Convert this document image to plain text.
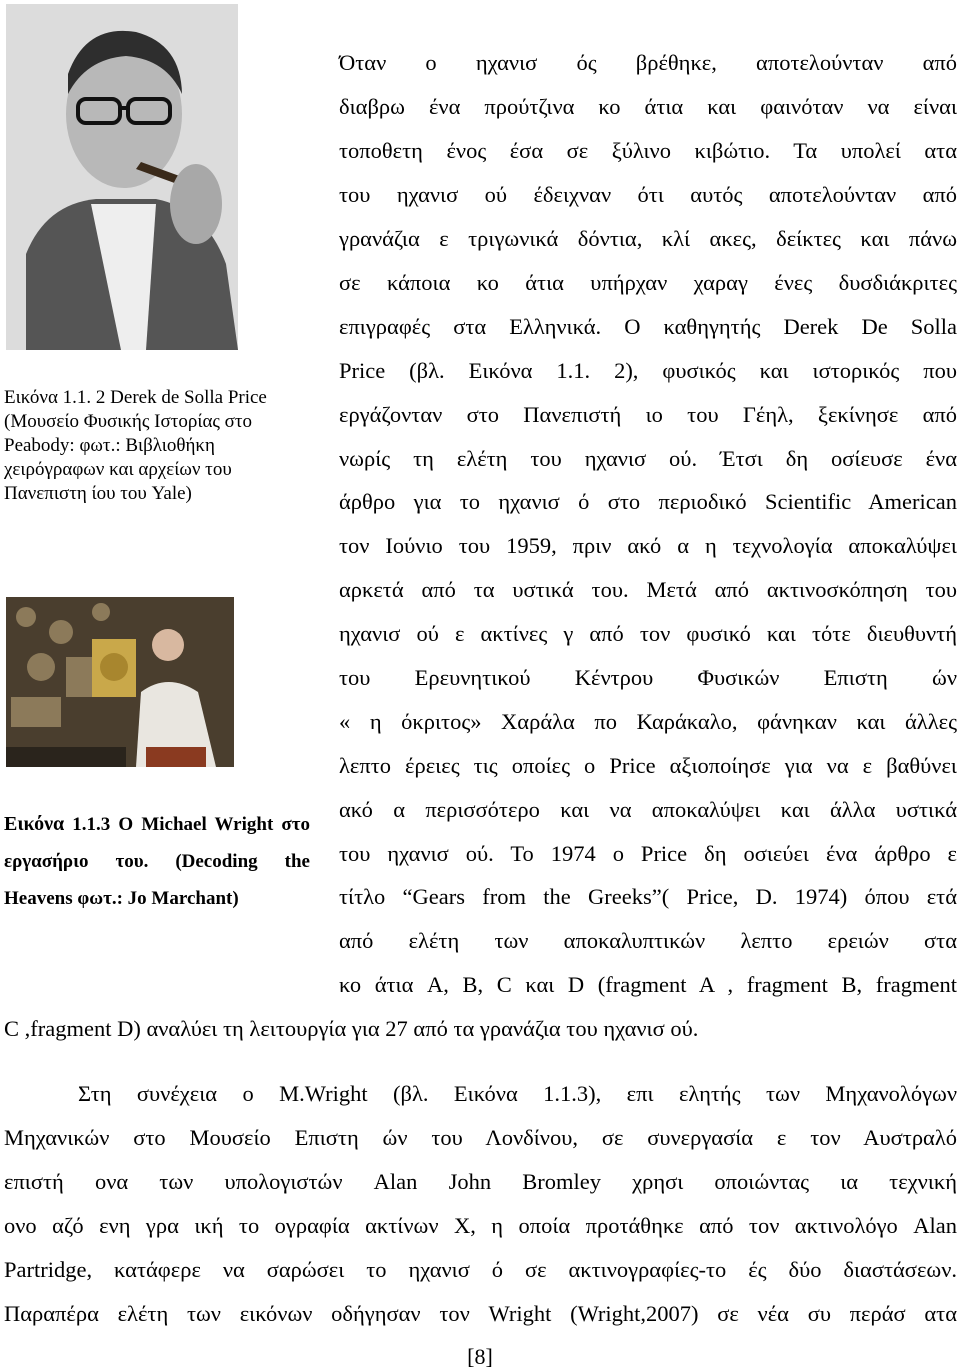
Εικόνα 1.1. 2 Derek de Solla Price (Μουσείο Φυσικής Ιστορίας στο Peabody: φωτ.: Βιβλιοθήκη χειρόγραφων και αρχείων του Πανεπιστη ίου του Yale)
Εικόνα 1.1.3 Ο Michael Wright στο εργασήριο του. (Decoding the Heavens φωτ.: Jo Marchant)
Όταν ο ηχανισ ός βρέθηκε, αποτελούνταν από
διαβρω ένα προύτζινα κο άτια και φαινόταν να είναι
τοποθετη ένος έσα σε ξύλινο κιβώτιο. Τα υπολεί ατα
του ηχανισ ού έδειχναν ότι αυτός αποτελούνταν από
γρανάζια ε τριγωνικά δόντια, κλί ακες, δείκτες και πάνω
σε κάποια κο άτια υπήρχαν χαραγ ένες δυσδιάκριτες
επιγραφές στα Ελληνικά. Ο καθηγητής Derek De Solla
Price (βλ. Εικόνα 1.1. 2), φυσικός και ιστορικός που
εργάζονταν στο Πανεπιστή ιο του Γέηλ, ξεκίνησε από
νωρίς τη ελέτη του ηχανισ ού. Έτσι δη οσίευσε ένα
άρθρο για το ηχανισ ό στο περιοδικό Scientific American
τον Ιούνιο του 1959, πριν ακό α η τεχνολογία αποκαλύψει
αρκετά από τα υστικά του. Μετά από ακτινοσκόπηση του
ηχανισ ού ε ακτίνες γ από τον φυσικό και τότε διευθυντή
του Ερευνητικού Κέντρου Φυσικών Επιστη ών
« η όκριτος» Χαράλα πο Καράκαλο, φάνηκαν και άλλες
λεπτο έρειες τις οποίες ο Price αξιοποίησε για να ε βαθύνει
ακό α περισσότερο και να αποκαλύψει και άλλα υστικά
του ηχανισ ού. Το 1974 ο Price δη οσιεύει ένα άρθρο ε
τίτλο “Gears from the Greeks”( Price, D. 1974) όπου ετά
από ελέτη των αποκαλυπτικών λεπτο ερειών στα
κο άτια A, B, C και D (fragment A , fragment B, fragment
C ,fragment D) αναλύει τη λειτουργία για 27 από τα γρανάζια του ηχανισ ού.
Στη συνέχεια ο M.Wright (βλ. Εικόνα 1.1.3), επι ελητής των Μηχανολόγων
Μηχανικών στο Μουσείο Επιστη ών του Λονδίνου, σε συνεργασία ε τον Αυστραλό
επιστή ονα των υπολογιστών Alan John Bromley χρησι οποιώντας ια τεχνική
ονο αζό ενη γρα ική το ογραφία ακτίνων Χ, η οποία προτάθηκε από τον ακτινολόγο Alan
Partridge, κατάφερε να σαρώσει το ηχανισ ό σε ακτινογραφίες-το ές δύο διαστάσεων.
Παραπέρα ελέτη των εικόνων οδήγησαν τον Wright (Wright,2007) σε νέα συ περάσ ατα
[8]
